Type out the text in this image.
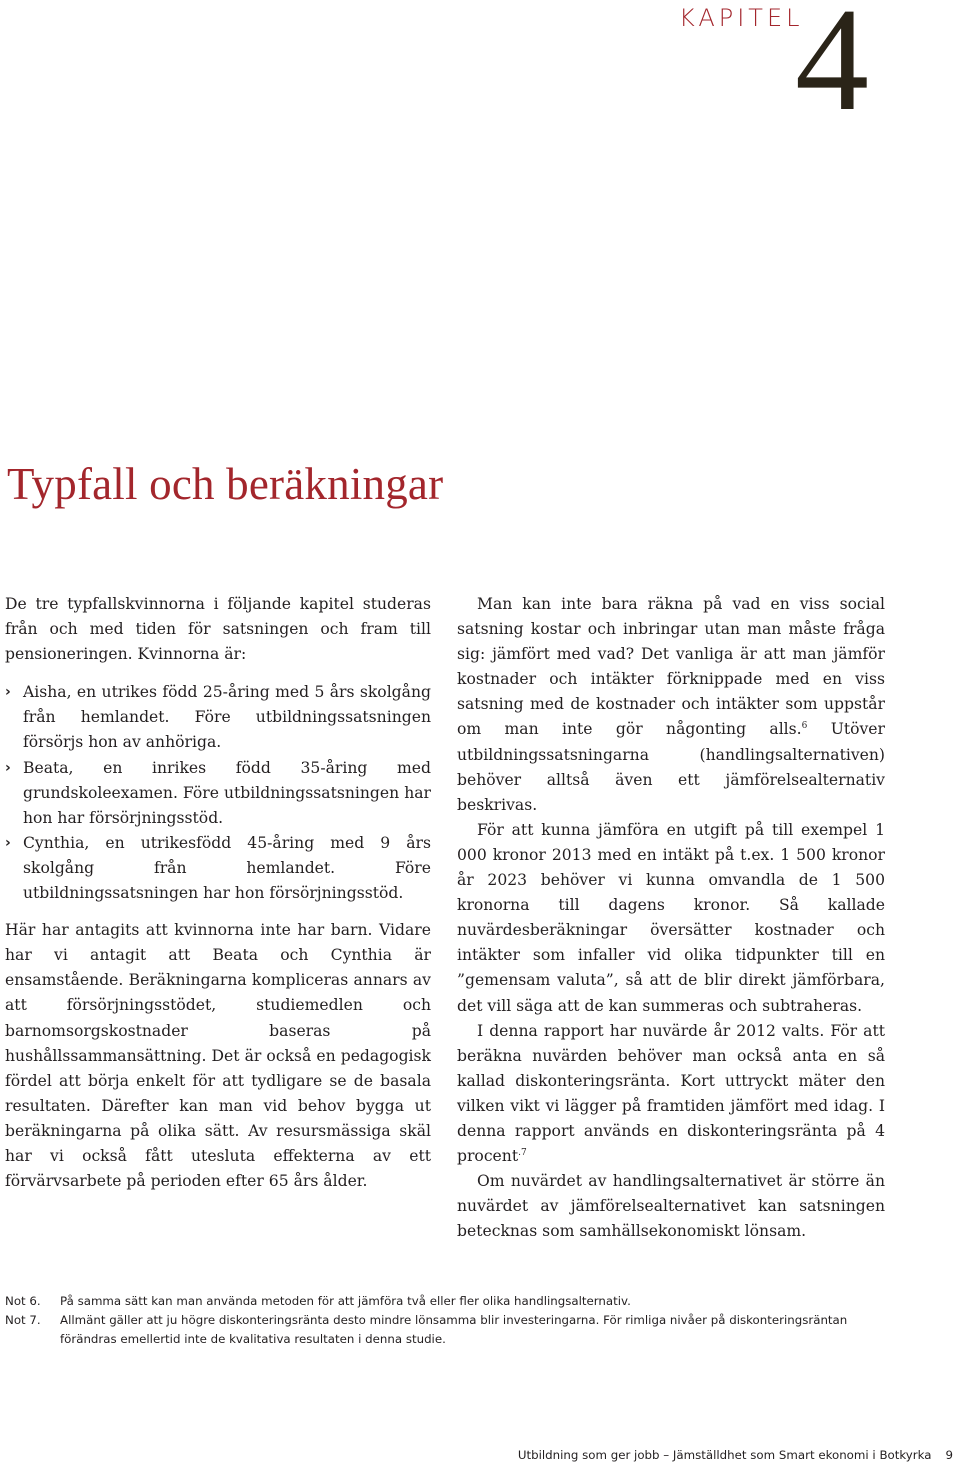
KAPITEL
4
Typfall och beräkningar

De tre typfallskvinnorna i följande kapitel studeras från och med tiden för satsningen och fram till pensioneringen. Kvinnorna är:

› Aisha, en utrikes född 25-åring med 5 års skolgång från hemlandet. Före utbildningssatsningen försörjs hon av anhöriga.
› Beata, en inrikes född 35-åring med grundskoleexamen. Före utbildningssatsningen har hon har försörjningsstöd.
› Cynthia, en utrikesfödd 45-åring med 9 års skolgång från hemlandet. Före utbildningssatsningen har hon försörjningsstöd.

Här har antagits att kvinnorna inte har barn. Vidare har vi antagit att Beata och Cynthia är ensamstående. Beräkningarna kompliceras annars av att försörjningsstödet, studiemedlen och barnomsorgskostnader baseras på hushållssammansättning. Det är också en pedagogisk fördel att börja enkelt för att tydligare se de basala resultaten. Därefter kan man vid behov bygga ut beräkningarna på olika sätt. Av resursmässiga skäl har vi också fått utesluta effekterna av ett förvärvsarbete på perioden efter 65 års ålder.

Man kan inte bara räkna på vad en viss social satsning kostar och inbringar utan man måste fråga sig: jämfört med vad? Det vanliga är att man jämför kostnader och intäkter förknippade med en viss satsning med de kostnader och intäkter som uppstår om man inte gör någonting alls.$^6$ Utöver utbildningssatsningarna (handlingsalternativen) behöver alltså även ett jämförelsealternativ beskrivas.

För att kunna jämföra en utgift på till exempel 1 000 kronor 2013 med en intäkt på t.ex. 1 500 kronor år 2023 behöver vi kunna omvandla de 1 500 kronorna till dagens kronor. Så kallade nuvärdesberäkningar översätter kostnader och intäkter som infaller vid olika tidpunkter till en ”gemensam valuta”, så att de blir direkt jämförbara, det vill säga att de kan summeras och subtraheras.

I denna rapport har nuvärde år 2012 valts. För att beräkna nuvärden behöver man också anta en så kallad diskonteringsränta. Kort uttryckt mäter den vilken vikt vi lägger på framtiden jämfört med idag. I denna rapport används en diskonteringsränta på 4 procent$^{.7}$

Om nuvärdet av handlingsalternativet är större än nuvärdet av jämförelsealternativet kan satsningen betecknas som samhällsekonomiskt lönsam.

Not 6.	På samma sätt kan man använda metoden för att jämföra två eller fler olika handlingsalternativ.
Not 7.	Allmänt gäller att ju högre diskonteringsränta desto mindre lönsamma blir investeringarna. För rimliga nivåer på diskonteringsräntan förändras emellertid inte de kvalitativa resultaten i denna studie.
Utbildning som ger jobb – Jämställdhet som Smart ekonomi i Botkyrka 9
